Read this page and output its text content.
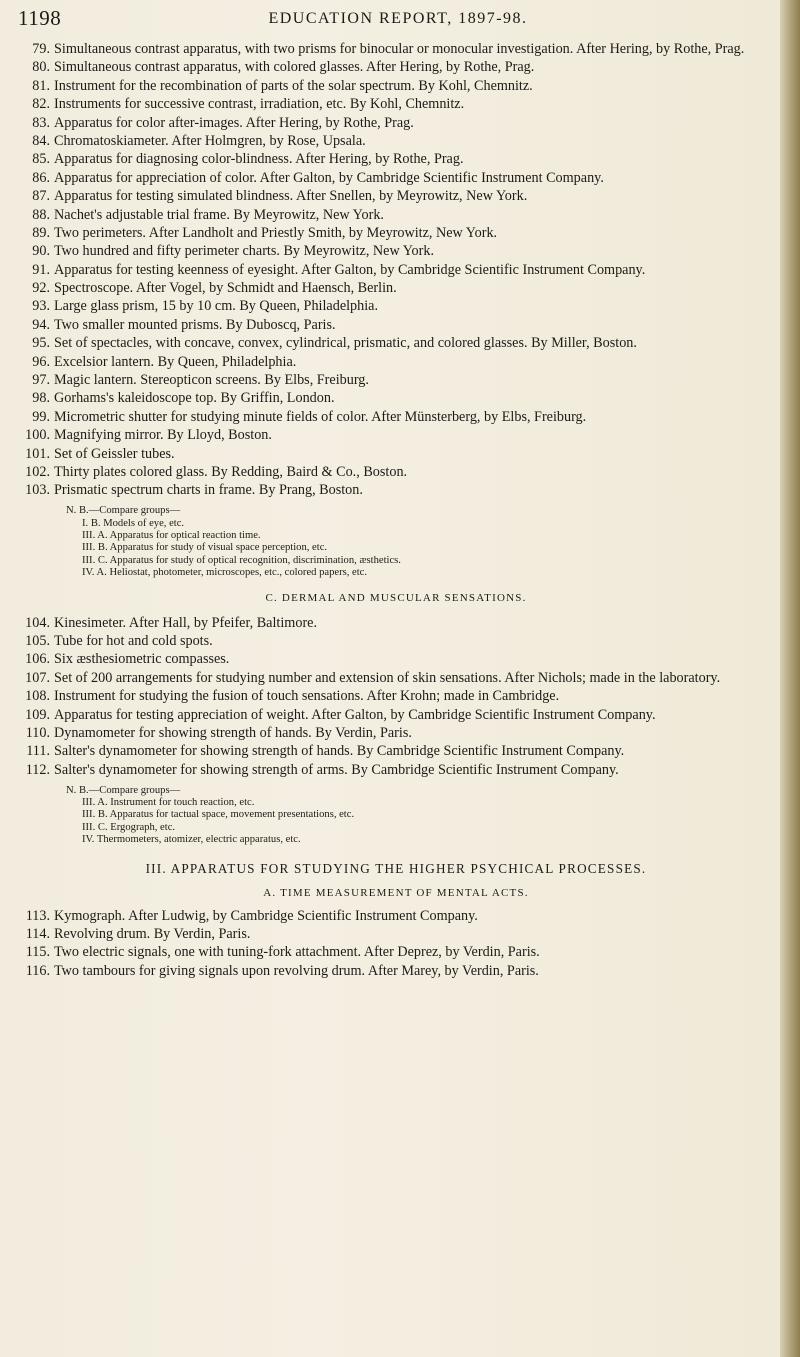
1198	EDUCATION REPORT, 1897-98.
79. Simultaneous contrast apparatus, with two prisms for binocular or monocular investigation. After Hering, by Rothe, Prag.
80. Simultaneous contrast apparatus, with colored glasses. After Hering, by Rothe, Prag.
81. Instrument for the recombination of parts of the solar spectrum. By Kohl, Chemnitz.
82. Instruments for successive contrast, irradiation, etc. By Kohl, Chemnitz.
83. Apparatus for color after-images. After Hering, by Rothe, Prag.
84. Chromatoskiameter. After Holmgren, by Rose, Upsala.
85. Apparatus for diagnosing color-blindness. After Hering, by Rothe, Prag.
86. Apparatus for appreciation of color. After Galton, by Cambridge Scientific Instrument Company.
87. Apparatus for testing simulated blindness. After Snellen, by Meyrowitz, New York.
88. Nachet's adjustable trial frame. By Meyrowitz, New York.
89. Two perimeters. After Landholt and Priestly Smith, by Meyrowitz, New York.
90. Two hundred and fifty perimeter charts. By Meyrowitz, New York.
91. Apparatus for testing keenness of eyesight. After Galton, by Cambridge Scientific Instrument Company.
92. Spectroscope. After Vogel, by Schmidt and Haensch, Berlin.
93. Large glass prism, 15 by 10 cm. By Queen, Philadelphia.
94. Two smaller mounted prisms. By Duboscq, Paris.
95. Set of spectacles, with concave, convex, cylindrical, prismatic, and colored glasses. By Miller, Boston.
96. Excelsior lantern. By Queen, Philadelphia.
97. Magic lantern. Stereopticon screens. By Elbs, Freiburg.
98. Gorhams's kaleidoscope top. By Griffin, London.
99. Micrometric shutter for studying minute fields of color. After Münsterberg, by Elbs, Freiburg.
100. Magnifying mirror. By Lloyd, Boston.
101. Set of Geissler tubes.
102. Thirty plates colored glass. By Redding, Baird & Co., Boston.
103. Prismatic spectrum charts in frame. By Prang, Boston.
N. B.—Compare groups—
I. B. Models of eye, etc.
III. A. Apparatus for optical reaction time.
III. B. Apparatus for study of visual space perception, etc.
III. C. Apparatus for study of optical recognition, discrimination, æsthetics.
IV. A. Heliostat, photometer, microscopes, etc., colored papers, etc.
C. DERMAL AND MUSCULAR SENSATIONS.
104. Kinesimeter. After Hall, by Pfeifer, Baltimore.
105. Tube for hot and cold spots.
106. Six æsthesiometric compasses.
107. Set of 200 arrangements for studying number and extension of skin sensations. After Nichols; made in the laboratory.
108. Instrument for studying the fusion of touch sensations. After Krohn; made in Cambridge.
109. Apparatus for testing appreciation of weight. After Galton, by Cambridge Scientific Instrument Company.
110. Dynamometer for showing strength of hands. By Verdin, Paris.
111. Salter's dynamometer for showing strength of hands. By Cambridge Scientific Instrument Company.
112. Salter's dynamometer for showing strength of arms. By Cambridge Scientific Instrument Company.
N. B.—Compare groups—
III. A. Instrument for touch reaction, etc.
III. B. Apparatus for tactual space, movement presentations, etc.
III. C. Ergograph, etc.
IV. Thermometers, atomizer, electric apparatus, etc.
III. APPARATUS FOR STUDYING THE HIGHER PSYCHICAL PROCESSES.
A. TIME MEASUREMENT OF MENTAL ACTS.
113. Kymograph. After Ludwig, by Cambridge Scientific Instrument Company.
114. Revolving drum. By Verdin, Paris.
115. Two electric signals, one with tuning-fork attachment. After Deprez, by Verdin, Paris.
116. Two tambours for giving signals upon revolving drum. After Marey, by Verdin, Paris.
